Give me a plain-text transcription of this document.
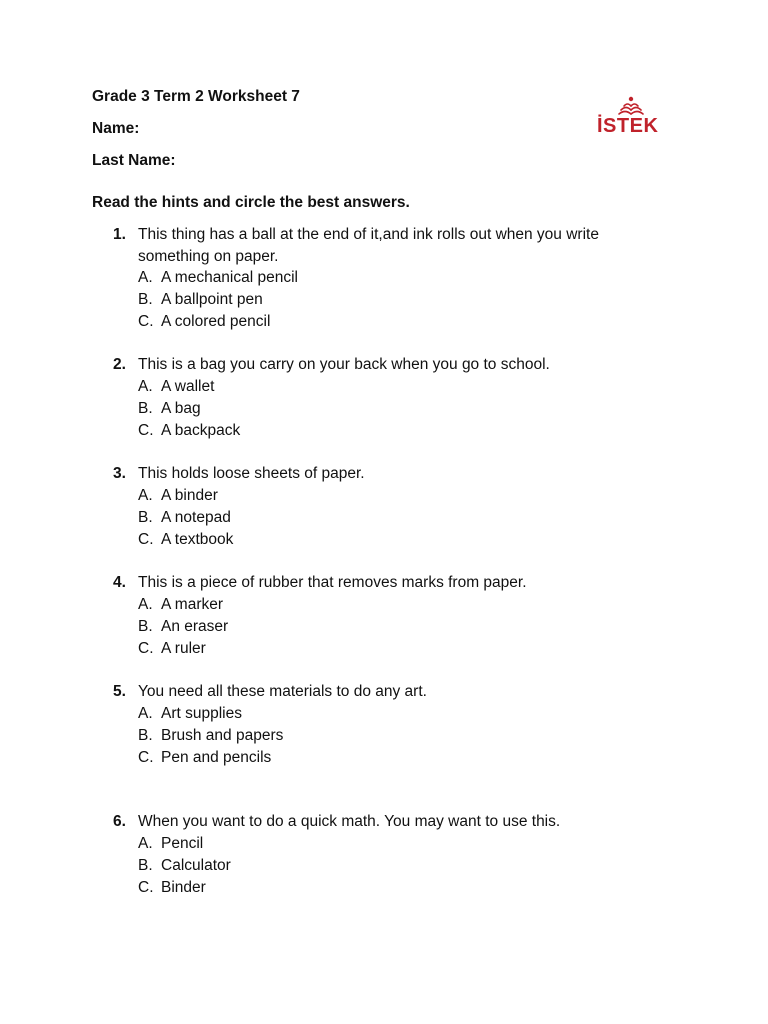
Grade 3 Term 2 Worksheet 7
Name:
Last Name:
Read the hints and circle the best answers.
İSTEK
1. This thing has a ball at the end of it,and ink rolls out when you write something on paper.
A. A mechanical pencil
B. A ballpoint pen
C. A colored pencil
2. This is a bag you carry on your back when you go to school.
A. A wallet
B. A bag
C. A backpack
3. This holds loose sheets of paper.
A. A binder
B. A notepad
C. A textbook
4. This is a piece of rubber that removes marks from paper.
A. A marker
B. An eraser
C. A ruler
5. You need all these materials to do any art.
A. Art supplies
B. Brush and papers
C. Pen and pencils
6. When you want to do a quick math. You may want to use this.
A. Pencil
B. Calculator
C. Binder
